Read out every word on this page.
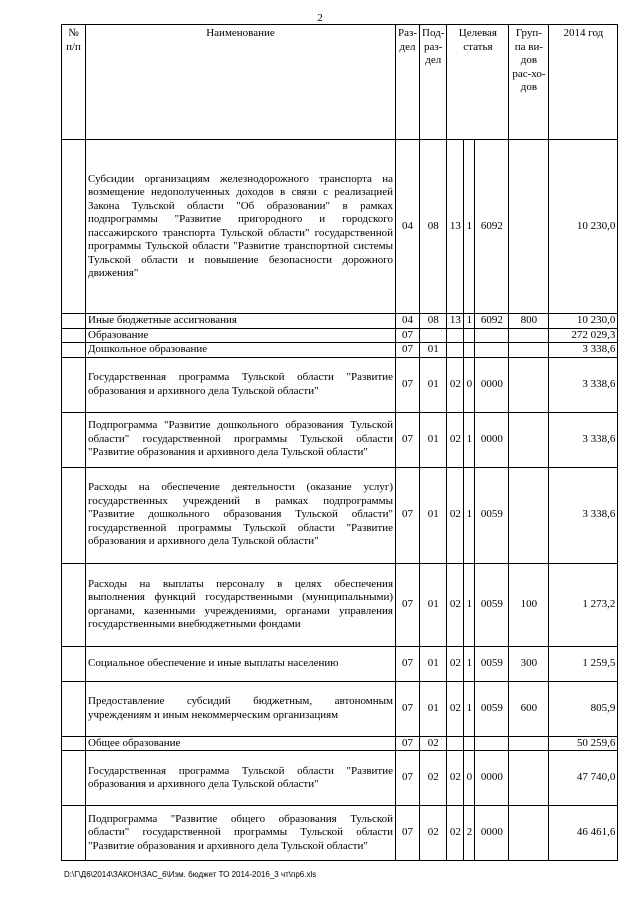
2
№ п/п	Наименование	Раз-дел	Под-раз-дел	Целевая статья			Груп-па ви-дов рас-хо-дов	2014 год
	Субсидии организациям железнодорожного транспорта на возмещение недополученных доходов в связи с реализацией Закона Тульской области "Об образовании" в рамках подпрограммы "Развитие пригородного и городского пассажирского транспорта Тульской области" государственной программы Тульской области "Развитие транспортной системы Тульской области и повышение безопасности дорожного движения"	04	08	13	1	6092		10 230,0
	Иные бюджетные ассигнования	04	08	13	1	6092	800	10 230,0
	Образование	07						272 029,3
	Дошкольное образование	07	01					3 338,6
	Государственная программа Тульской области "Развитие образования и архивного дела Тульской области"	07	01	02	0	0000		3 338,6
	Подпрограмма "Развитие дошкольного образования Тульской области" государственной программы Тульской области "Развитие образования и архивного дела Тульской области"	07	01	02	1	0000		3 338,6
	Расходы на обеспечение деятельности (оказание услуг) государственных учреждений в рамках подпрограммы "Развитие дошкольного образования Тульской области" государственной программы Тульской области "Развитие образования и архивного дела Тульской области"	07	01	02	1	0059		3 338,6
	Расходы на выплаты персоналу в целях обеспечения выполнения функций государственными (муниципальными) органами, казенными учреждениями, органами управления государственными внебюджетными фондами	07	01	02	1	0059	100	1 273,2
	Социальное обеспечение и иные выплаты населению	07	01	02	1	0059	300	1 259,5
	Предоставление субсидий бюджетным, автономным учреждениям и иным некоммерческим организациям	07	01	02	1	0059	600	805,9
	Общее образование	07	02					50 259,6
	Государственная программа Тульской области "Развитие образования и архивного дела Тульской области"	07	02	02	0	0000		47 740,0
	Подпрограмма "Развитие общего образования Тульской области" государственной программы Тульской области "Развитие образования и архивного дела Тульской области"	07	02	02	2	0000		46 461,6
D:\Г\Д6\2014\ЗАКОН\ЗАС_6\Изм. бюджет ТО 2014-2016_3 чт\пр6.xls
